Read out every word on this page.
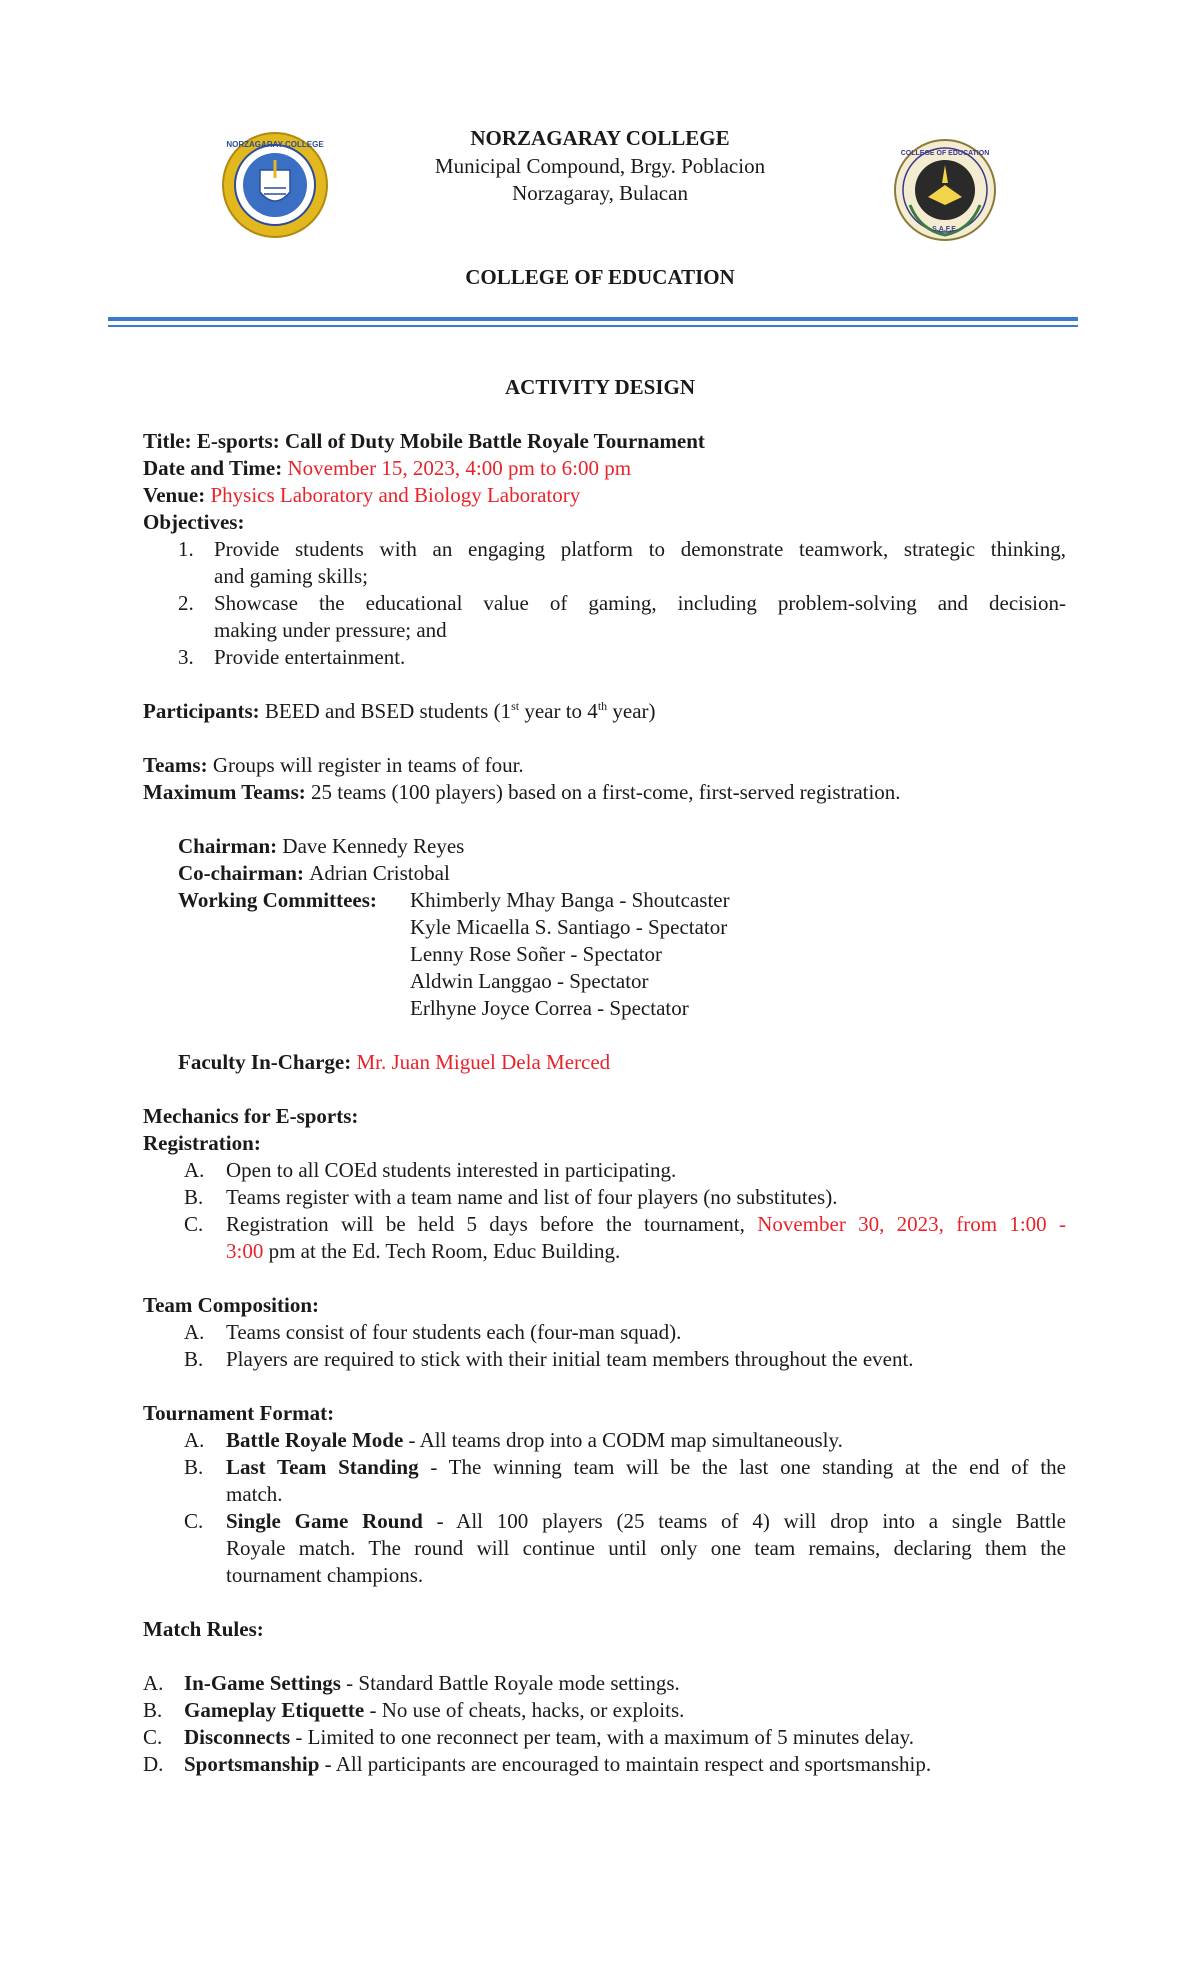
NORZAGARAY COLLEGE
COLLEGE OF EDUCATION
S.A.F.E.
NORZAGARAY COLLEGE
Municipal Compound, Brgy. Poblacion
Norzagaray, Bulacan
COLLEGE OF EDUCATION
ACTIVITY DESIGN
Title: E-sports: Call of Duty Mobile Battle Royale Tournament
Date and Time: November 15, 2023, 4:00 pm to 6:00 pm
Venue: Physics Laboratory and Biology Laboratory
Objectives:
1. Provide students with an engaging platform to demonstrate teamwork, strategic thinking,
and gaming skills;
2. Showcase the educational value of gaming, including problem-solving and decision-
making under pressure; and
3. Provide entertainment.
Participants: BEED and BSED students (1st year to 4th year)
Teams: Groups will register in teams of four.
Maximum Teams: 25 teams (100 players) based on a first-come, first-served registration.
Chairman: Dave Kennedy Reyes
Co-chairman: Adrian Cristobal
Working Committees: Khimberly Mhay Banga - Shoutcaster
Kyle Micaella S. Santiago - Spectator
Lenny Rose Soñer - Spectator
Aldwin Langgao - Spectator
Erlhyne Joyce Correa - Spectator
Faculty In-Charge: Mr. Juan Miguel Dela Merced
Mechanics for E-sports:
Registration:
A. Open to all COEd students interested in participating.
B. Teams register with a team name and list of four players (no substitutes).
C. Registration will be held 5 days before the tournament, November 30, 2023, from 1:00 -
3:00 pm at the Ed. Tech Room, Educ Building.
Team Composition:
A. Teams consist of four students each (four-man squad).
B. Players are required to stick with their initial team members throughout the event.
Tournament Format:
A. Battle Royale Mode - All teams drop into a CODM map simultaneously.
B. Last Team Standing - The winning team will be the last one standing at the end of the
match.
C. Single Game Round - All 100 players (25 teams of 4) will drop into a single Battle
Royale match. The round will continue until only one team remains, declaring them the
tournament champions.
Match Rules:
A. In-Game Settings - Standard Battle Royale mode settings.
B. Gameplay Etiquette - No use of cheats, hacks, or exploits.
C. Disconnects - Limited to one reconnect per team, with a maximum of 5 minutes delay.
D. Sportsmanship - All participants are encouraged to maintain respect and sportsmanship.
